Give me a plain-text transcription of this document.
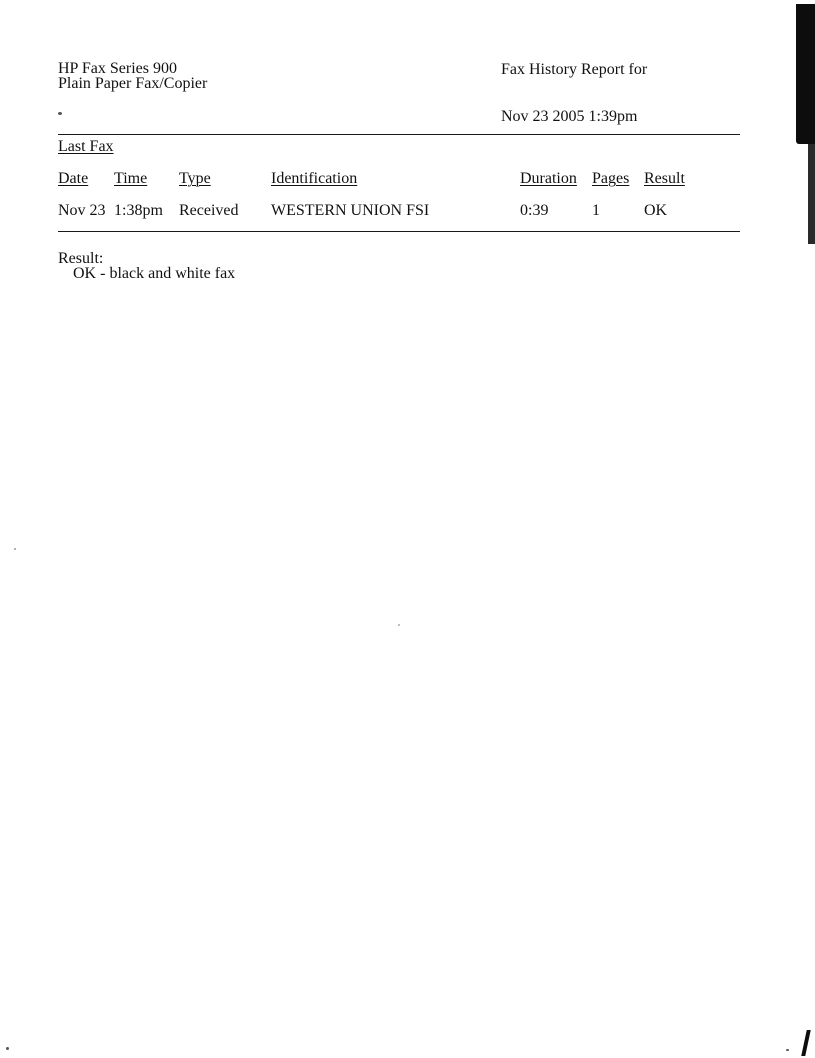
HP Fax Series 900
Plain Paper Fax/Copier
Fax History Report for
Nov 23 2005 1:39pm
Last Fax
Date Time Type	Identification	Duration Pages Result
Nov 23 1:38pm Received WESTERN UNION FSI	0:39	1	OK
Result:
OK - black and white fax
